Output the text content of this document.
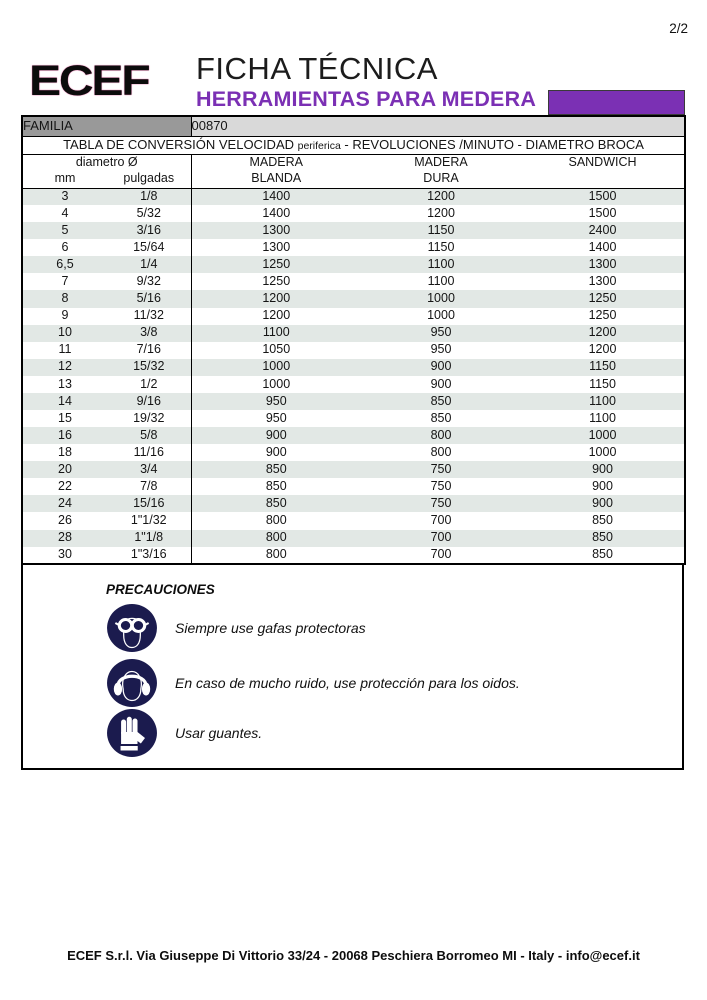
2/2
ECEF FICHA TÉCNICA
HERRAMIENTAS PARA MEDERA
FAMILIA		00870		
TABLA DE CONVERSIÓN VELOCIDAD periferica - REVOLUCIONES /MINUTO - DIAMETRO BROCA				
diametro Ø		MADERA	MADERA	SANDWICH
mm	pulgadas	BLANDA	DURA	
3	1/8	1400	1200	1500
4	5/32	1400	1200	1500
5	3/16	1300	1150	2400
6	15/64	1300	1150	1400
6,5	1/4	1250	1100	1300
7	9/32	1250	1100	1300
8	5/16	1200	1000	1250
9	11/32	1200	1000	1250
10	3/8	1100	950	1200
11	7/16	1050	950	1200
12	15/32	1000	900	1150
13	1/2	1000	900	1150
14	9/16	950	850	1100
15	19/32	950	850	1100
16	5/8	900	800	1000
18	11/16	900	800	1000
20	3/4	850	750	900
22	7/8	850	750	900
24	15/16	850	750	900
26	1"1/32	800	700	850
28	1"1/8	800	700	850
30	1"3/16	800	700	850
PRECAUCIONES
Siempre use gafas protectoras
En caso de mucho ruido, use protección para los oidos.
Usar guantes.
ECEF S.r.l. Via Giuseppe Di Vittorio 33/24 - 20068 Peschiera Borromeo MI - Italy - info@ecef.it
